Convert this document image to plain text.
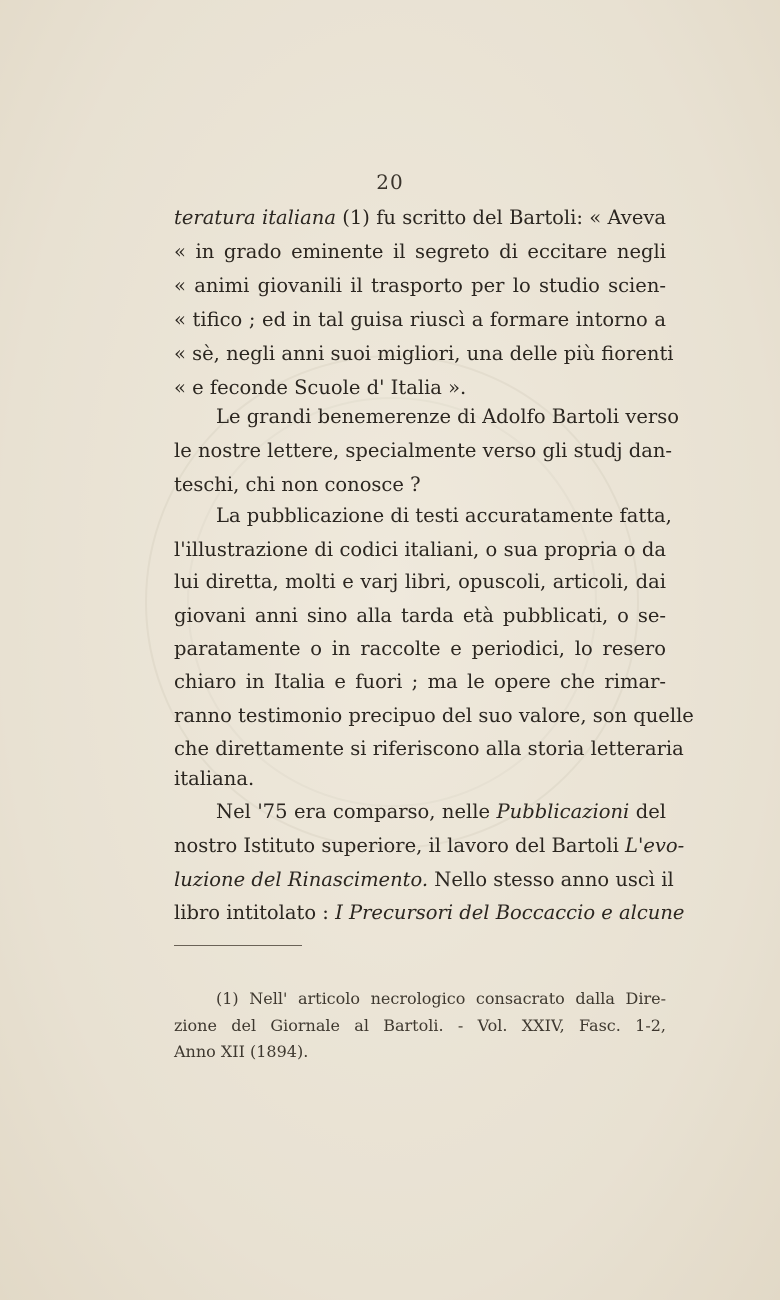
20
teratura italiana (1) fu scritto del Bartoli: « Aveva
« in grado eminente il segreto di eccitare negli
« animi giovanili il trasporto per lo studio scien-
« tifico ; ed in tal guisa riuscì a formare intorno a
« sè, negli anni suoi migliori, una delle più fiorenti
« e feconde Scuole d' Italia ».
Le grandi benemerenze di Adolfo Bartoli verso
le nostre lettere, specialmente verso gli studj dan-
teschi, chi non conosce ?
La pubblicazione di testi accuratamente fatta,
l'illustrazione di codici italiani, o sua propria o da
lui diretta, molti e varj libri, opuscoli, articoli, dai
giovani anni sino alla tarda età pubblicati, o se-
paratamente o in raccolte e periodici, lo resero
chiaro in Italia e fuori ; ma le opere che rimar-
ranno testimonio precipuo del suo valore, son quelle
che direttamente si riferiscono alla storia letteraria
italiana.
Nel '75 era comparso, nelle Pubblicazioni del
nostro Istituto superiore, il lavoro del Bartoli L'evo-
luzione del Rinascimento. Nello stesso anno uscì il
libro intitolato : I Precursori del Boccaccio e alcune
(1) Nell' articolo necrologico consacrato dalla Dire-
zione del Giornale al Bartoli. - Vol. XXIV, Fasc. 1-2,
Anno XII (1894).
